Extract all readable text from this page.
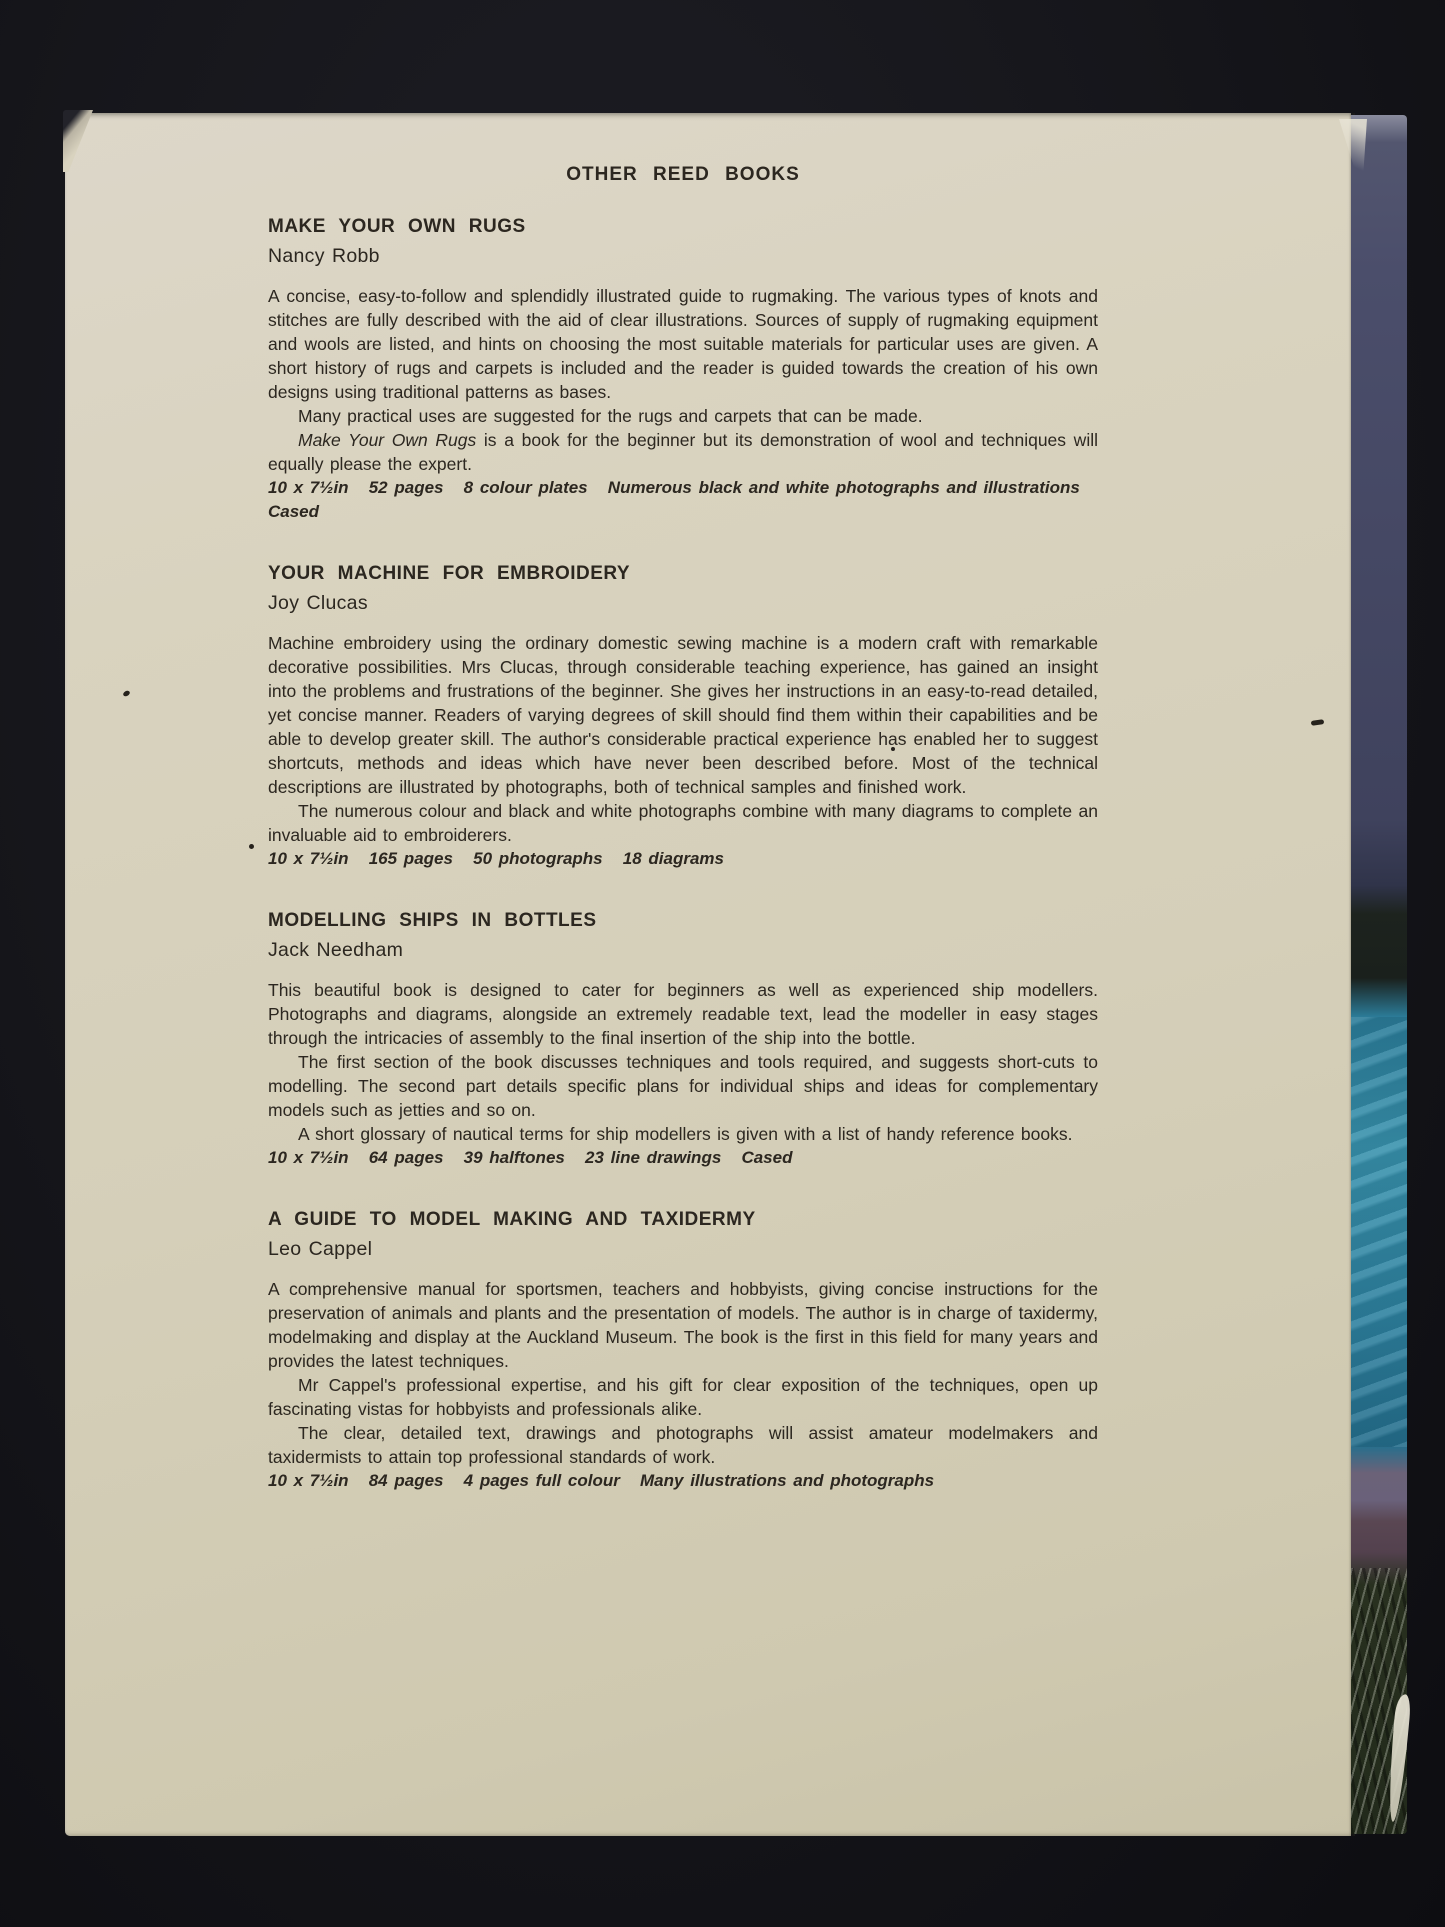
OTHER REED BOOKS
MAKE YOUR OWN RUGS
Nancy Robb

A concise, easy-to-follow and splendidly illustrated guide to rugmaking. The various types of knots and stitches are fully described with the aid of clear illustrations. Sources of supply of rugmaking equipment and wools are listed, and hints on choosing the most suitable materials for particular uses are given. A short history of rugs and carpets is included and the reader is guided towards the creation of his own designs using traditional patterns as bases.

Many practical uses are suggested for the rugs and carpets that can be made.

Make Your Own Rugs is a book for the beginner but its demonstration of wool and techniques will equally please the expert.

10 x 7½in   52 pages   8 colour plates   Numerous black and white photographs and illustrations   Cased

YOUR MACHINE FOR EMBROIDERY
Joy Clucas

Machine embroidery using the ordinary domestic sewing machine is a modern craft with remarkable decorative possibilities. Mrs Clucas, through considerable teaching experience, has gained an insight into the problems and frustrations of the beginner. She gives her instructions in an easy-to-read detailed, yet concise manner. Readers of varying degrees of skill should find them within their capabilities and be able to develop greater skill. The author's considerable practical experience has enabled her to suggest shortcuts, methods and ideas which have never been described before. Most of the technical descriptions are illustrated by photographs, both of technical samples and finished work.

The numerous colour and black and white photographs combine with many diagrams to complete an invaluable aid to embroiderers.

10 x 7½in   165 pages   50 photographs   18 diagrams

MODELLING SHIPS IN BOTTLES
Jack Needham

This beautiful book is designed to cater for beginners as well as experienced ship modellers. Photographs and diagrams, alongside an extremely readable text, lead the modeller in easy stages through the intricacies of assembly to the final insertion of the ship into the bottle.

The first section of the book discusses techniques and tools required, and suggests short-cuts to modelling. The second part details specific plans for individual ships and ideas for complementary models such as jetties and so on.

A short glossary of nautical terms for ship modellers is given with a list of handy reference books.

10 x 7½in   64 pages   39 halftones   23 line drawings   Cased

A GUIDE TO MODEL MAKING AND TAXIDERMY
Leo Cappel

A comprehensive manual for sportsmen, teachers and hobbyists, giving concise instructions for the preservation of animals and plants and the presentation of models. The author is in charge of taxidermy, modelmaking and display at the Auckland Museum. The book is the first in this field for many years and provides the latest techniques.

Mr Cappel's professional expertise, and his gift for clear exposition of the techniques, open up fascinating vistas for hobbyists and professionals alike.

The clear, detailed text, drawings and photographs will assist amateur modelmakers and taxidermists to attain top professional standards of work.

10 x 7½in   84 pages   4 pages full colour   Many illustrations and photographs
